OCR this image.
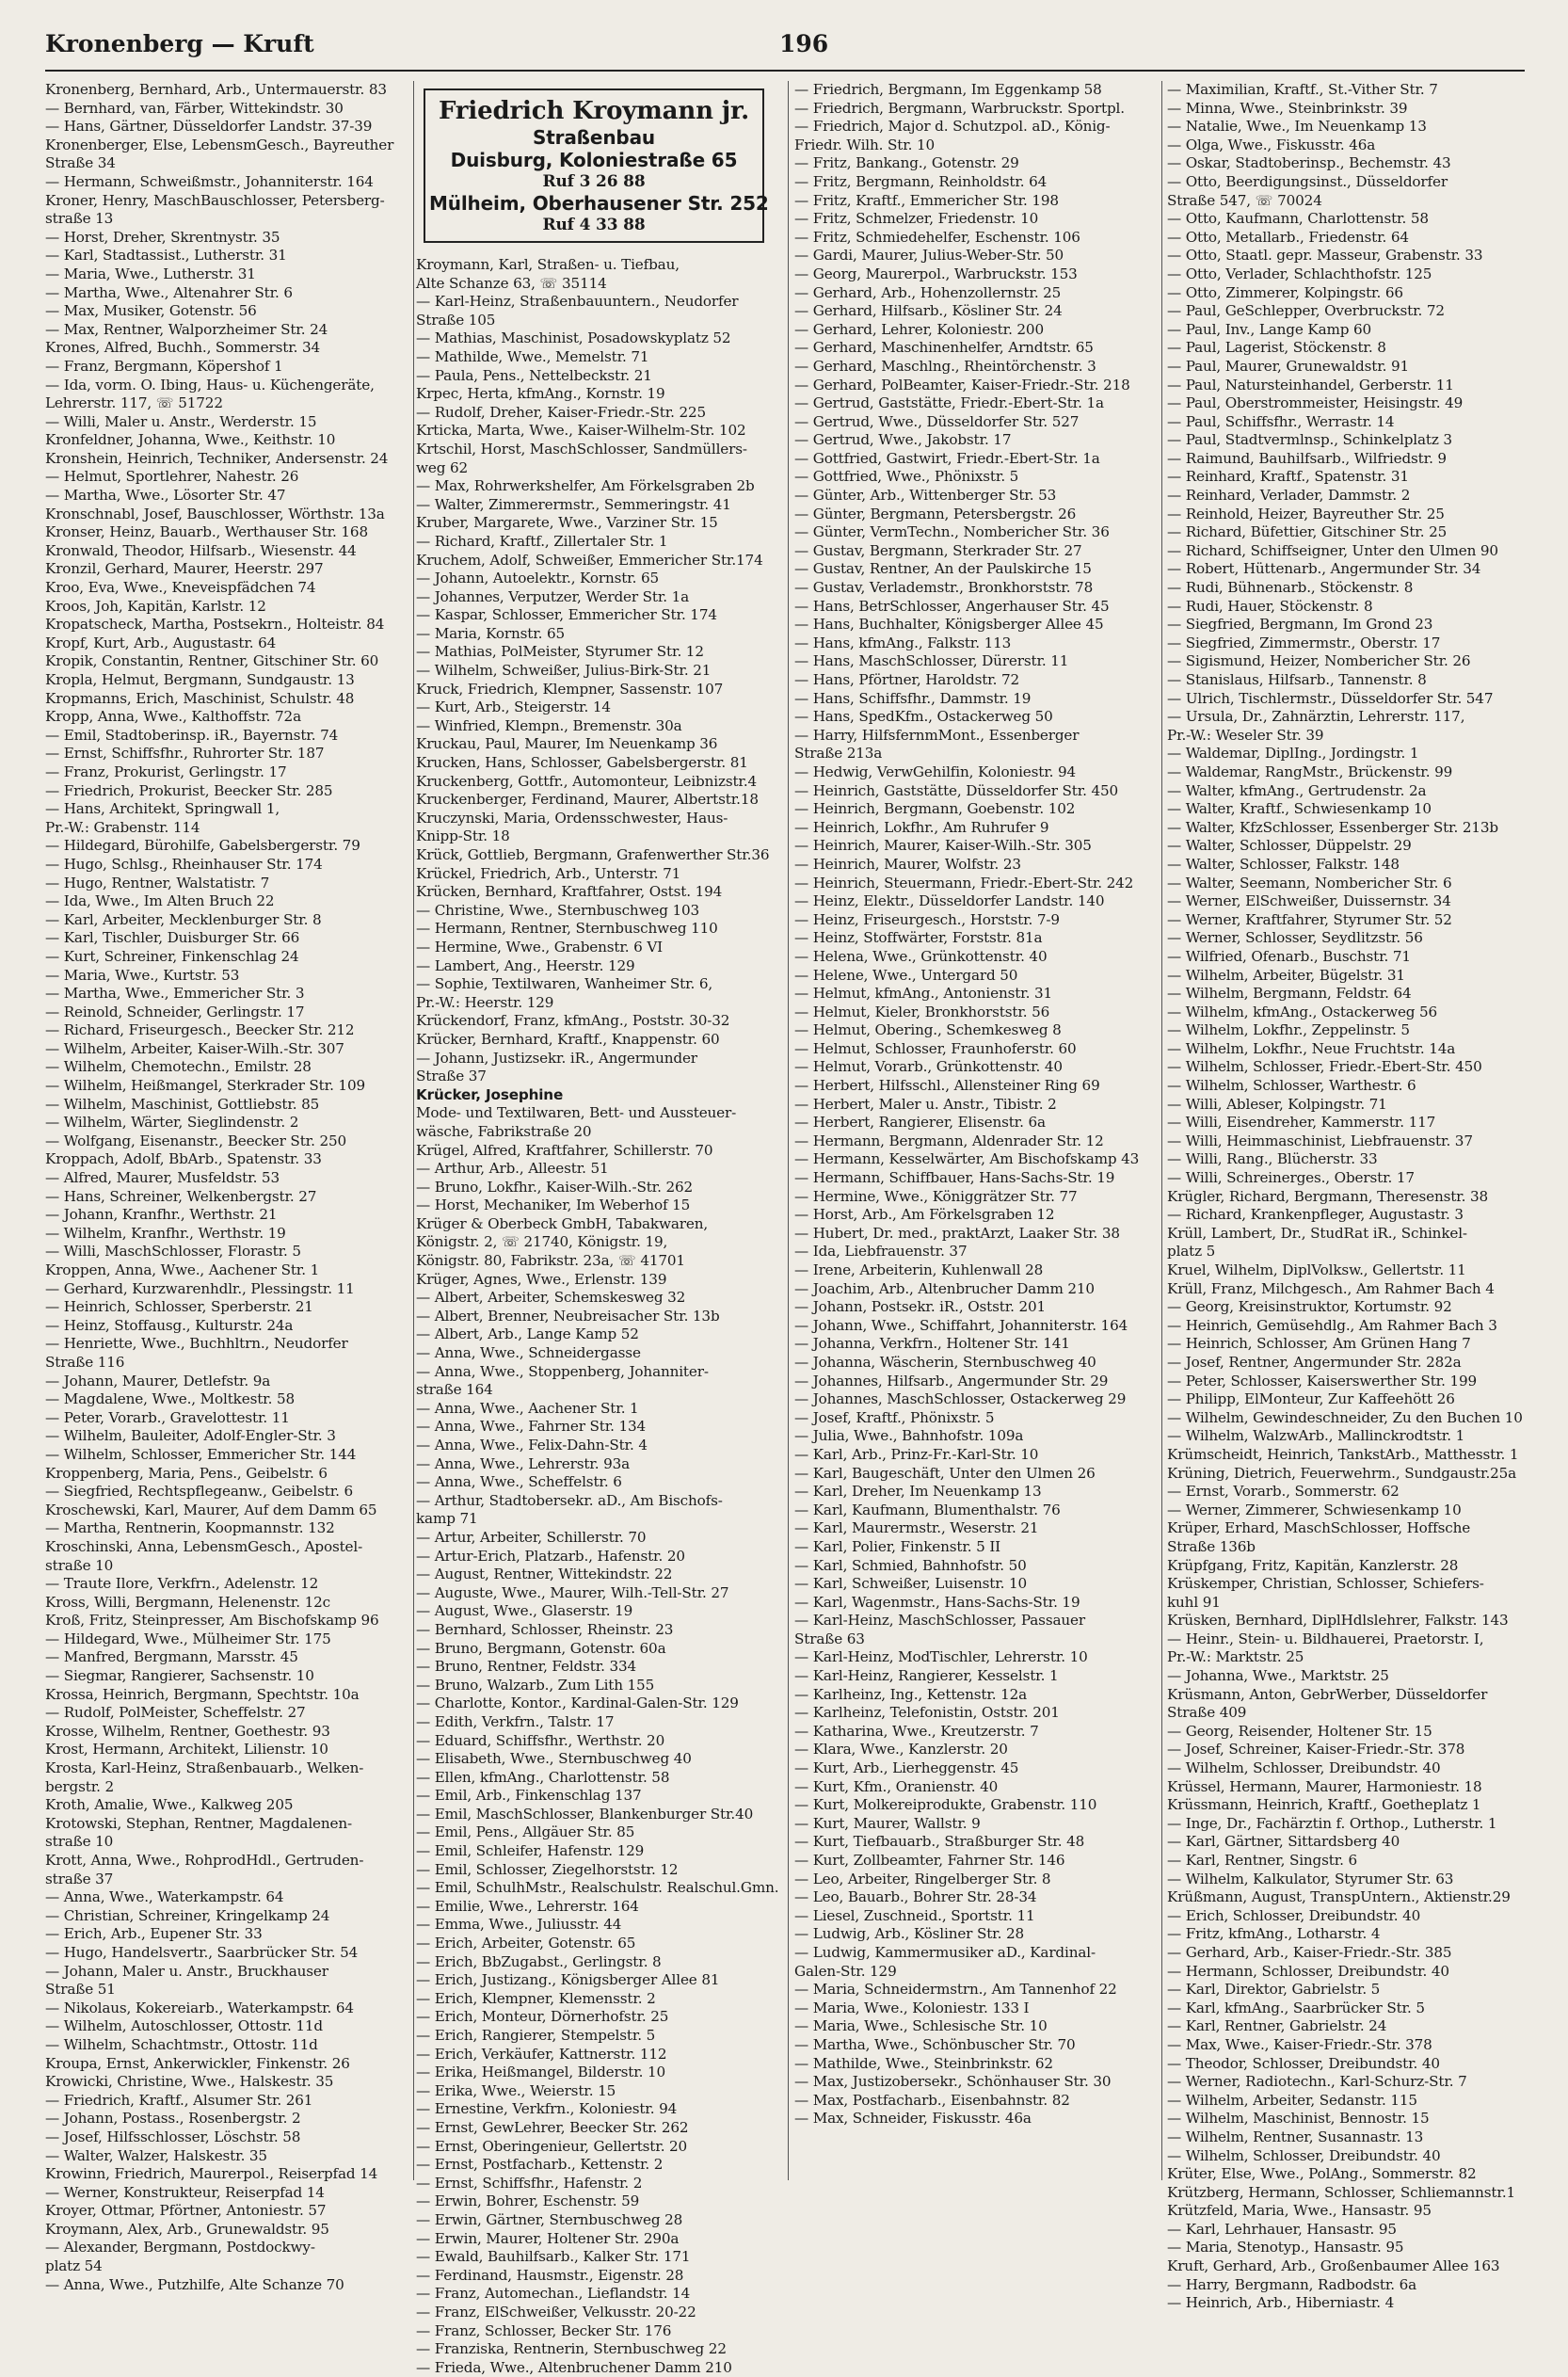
Kronenberg — Kruft	196
Kronenberg, Bernhard, Arb., Untermauerstr. 83
— Bernhard, van, Färber, Wittekindstr. 30
— Hans, Gärtner, Düsseldorfer Landstr. 37-39
Kronenberger, Else, LebensmGesch., Bayreuther
Straße 34
— Hermann, Schweißmstr., Johanniterstr. 164
Kroner, Henry, MaschBauschlosser, Petersberg-
straße 13
— Horst, Dreher, Skrentnystr. 35
— Karl, Stadtassist., Lutherstr. 31
— Maria, Wwe., Lutherstr. 31
— Martha, Wwe., Altenahrer Str. 6
— Max, Musiker, Gotenstr. 56
— Max, Rentner, Walporzheimer Str. 24
Krones, Alfred, Buchh., Sommerstr. 34
— Franz, Bergmann, Köpershof 1
— Ida, vorm. O. Ibing, Haus- u. Küchengeräte,
Lehrerstr. 117, ☏ 51722
— Willi, Maler u. Anstr., Werderstr. 15
Kronfeldner, Johanna, Wwe., Keithstr. 10
Kronshein, Heinrich, Techniker, Andersenstr. 24
— Helmut, Sportlehrer, Nahestr. 26
— Martha, Wwe., Lösorter Str. 47
Kronschnabl, Josef, Bauschlosser, Wörthstr. 13a
Kronser, Heinz, Bauarb., Werthauser Str. 168
Kronwald, Theodor, Hilfsarb., Wiesenstr. 44
Kronzil, Gerhard, Maurer, Heerstr. 297
Kroo, Eva, Wwe., Kneveispfädchen 74
Kroos, Joh, Kapitän, Karlstr. 12
Kropatscheck, Martha, Postsekrn., Holteistr. 84
Kropf, Kurt, Arb., Augustastr. 64
Kropik, Constantin, Rentner, Gitschiner Str. 60
Kropla, Helmut, Bergmann, Sundgaustr. 13
Kropmanns, Erich, Maschinist, Schulstr. 48
Kropp, Anna, Wwe., Kalthoffstr. 72a
— Emil, Stadtoberinsp. iR., Bayernstr. 74
— Ernst, Schiffsfhr., Ruhrorter Str. 187
— Franz, Prokurist, Gerlingstr. 17
— Friedrich, Prokurist, Beecker Str. 285
— Hans, Architekt, Springwall 1,
Pr.-W.: Grabenstr. 114
— Hildegard, Bürohilfe, Gabelsbergerstr. 79
— Hugo, Schlsg., Rheinhauser Str. 174
— Hugo, Rentner, Walstatistr. 7
— Ida, Wwe., Im Alten Bruch 22
— Karl, Arbeiter, Mecklenburger Str. 8
— Karl, Tischler, Duisburger Str. 66
— Kurt, Schreiner, Finkenschlag 24
— Maria, Wwe., Kurtstr. 53
— Martha, Wwe., Emmericher Str. 3
— Reinold, Schneider, Gerlingstr. 17
— Richard, Friseurgesch., Beecker Str. 212
— Wilhelm, Arbeiter, Kaiser-Wilh.-Str. 307
— Wilhelm, Chemotechn., Emilstr. 28
— Wilhelm, Heißmangel, Sterkrader Str. 109
— Wilhelm, Maschinist, Gottliebstr. 85
— Wilhelm, Wärter, Sieglindenstr. 2
— Wolfgang, Eisenanstr., Beecker Str. 250
Kroppach, Adolf, BbArb., Spatenstr. 33
— Alfred, Maurer, Musfeldstr. 53
— Hans, Schreiner, Welkenbergstr. 27
— Johann, Kranfhr., Werthstr. 21
— Wilhelm, Kranfhr., Werthstr. 19
— Willi, MaschSchlosser, Florastr. 5
Kroppen, Anna, Wwe., Aachener Str. 1
— Gerhard, Kurzwarenhdlr., Plessingstr. 11
— Heinrich, Schlosser, Sperberstr. 21
— Heinz, Stoffausg., Kulturstr. 24a
— Henriette, Wwe., Buchhltrn., Neudorfer
Straße 116
— Johann, Maurer, Detlefstr. 9a
— Magdalene, Wwe., Moltkestr. 58
— Peter, Vorarb., Gravelottestr. 11
— Wilhelm, Bauleiter, Adolf-Engler-Str. 3
— Wilhelm, Schlosser, Emmericher Str. 144
Kroppenberg, Maria, Pens., Geibelstr. 6
— Siegfried, Rechtspflegeanw., Geibelstr. 6
Kroschewski, Karl, Maurer, Auf dem Damm 65
— Martha, Rentnerin, Koopmannstr. 132
Kroschinski, Anna, LebensmGesch., Apostel-
straße 10
— Traute Ilore, Verkfrn., Adelenstr. 12
Kross, Willi, Bergmann, Helenenstr. 12c
Kroß, Fritz, Steinpresser, Am Bischofskamp 96
— Hildegard, Wwe., Mülheimer Str. 175
— Manfred, Bergmann, Marsstr. 45
— Siegmar, Rangierer, Sachsenstr. 10
Krossa, Heinrich, Bergmann, Spechtstr. 10a
— Rudolf, PolMeister, Scheffelstr. 27
Krosse, Wilhelm, Rentner, Goethestr. 93
Krost, Hermann, Architekt, Lilienstr. 10
Krosta, Karl-Heinz, Straßenbauarb., Welken-
bergstr. 2
Kroth, Amalie, Wwe., Kalkweg 205
Krotowski, Stephan, Rentner, Magdalenen-
straße 10
Krott, Anna, Wwe., RohprodHdl., Gertruden-
straße 37
— Anna, Wwe., Waterkampstr. 64
— Christian, Schreiner, Kringelkamp 24
— Erich, Arb., Eupener Str. 33
— Hugo, Handelsvertr., Saarbrücker Str. 54
— Johann, Maler u. Anstr., Bruckhauser
Straße 51
— Nikolaus, Kokereiarb., Waterkampstr. 64
— Wilhelm, Autoschlosser, Ottostr. 11d
— Wilhelm, Schachtmstr., Ottostr. 11d
Kroupa, Ernst, Ankerwickler, Finkenstr. 26
Krowicki, Christine, Wwe., Halskestr. 35
— Friedrich, Kraftf., Alsumer Str. 261
— Johann, Postass., Rosenbergstr. 2
— Josef, Hilfsschlosser, Löschstr. 58
— Walter, Walzer, Halskestr. 35
Krowinn, Friedrich, Maurerpol., Reiserpfad 14
— Werner, Konstrukteur, Reiserpfad 14
Kroyer, Ottmar, Pförtner, Antoniestr. 57
Kroymann, Alex, Arb., Grunewaldstr. 95
— Alexander, Bergmann, Postdockwy-
platz 54
— Anna, Wwe., Putzhilfe, Alte Schanze 70
Friedrich Kroymann jr.
Straßenbau
Duisburg, Koloniestraße 65
Ruf 3 26 88
Mülheim, Oberhausener Str. 252
Ruf 4 33 88
Kroymann, Karl, Straßen- u. Tiefbau,
Alte Schanze 63, ☏ 35114
— Karl-Heinz, Straßenbauuntern., Neudorfer
Straße 105
— Mathias, Maschinist, Posadowskyplatz 52
— Mathilde, Wwe., Memelstr. 71
— Paula, Pens., Nettelbeckstr. 21
Krpec, Herta, kfmAng., Kornstr. 19
— Rudolf, Dreher, Kaiser-Friedr.-Str. 225
Krticka, Marta, Wwe., Kaiser-Wilhelm-Str. 102
Krtschil, Horst, MaschSchlosser, Sandmüllers-
weg 62
— Max, Rohrwerkshelfer, Am Förkelsgraben 2b
— Walter, Zimmerermstr., Semmeringstr. 41
Kruber, Margarete, Wwe., Varziner Str. 15
— Richard, Kraftf., Zillertaler Str. 1
Kruchem, Adolf, Schweißer, Emmericher Str.174
— Johann, Autoelektr., Kornstr. 65
— Johannes, Verputzer, Werder Str. 1a
— Kaspar, Schlosser, Emmericher Str. 174
— Maria, Kornstr. 65
— Mathias, PolMeister, Styrumer Str. 12
— Wilhelm, Schweißer, Julius-Birk-Str. 21
Kruck, Friedrich, Klempner, Sassenstr. 107
— Kurt, Arb., Steigerstr. 14
— Winfried, Klempn., Bremenstr. 30a
Kruckau, Paul, Maurer, Im Neuenkamp 36
Krucken, Hans, Schlosser, Gabelsbergerstr. 81
Kruckenberg, Gottfr., Automonteur, Leibnizstr.4
Kruckenberger, Ferdinand, Maurer, Albertstr.18
Kruczynski, Maria, Ordensschwester, Haus-
Knipp-Str. 18
Krück, Gottlieb, Bergmann, Grafenwerther Str.36
Krückel, Friedrich, Arb., Unterstr. 71
Krücken, Bernhard, Kraftfahrer, Ostst. 194
— Christine, Wwe., Sternbuschweg 103
— Hermann, Rentner, Sternbuschweg 110
— Hermine, Wwe., Grabenstr. 6 VI
— Lambert, Ang., Heerstr. 129
— Sophie, Textilwaren, Wanheimer Str. 6,
Pr.-W.: Heerstr. 129
Krückendorf, Franz, kfmAng., Poststr. 30-32
Krücker, Bernhard, Kraftf., Knappenstr. 60
— Johann, Justizsekr. iR., Angermunder
Straße 37
Krücker, Josephine
Mode- und Textilwaren, Bett- und Aussteuer-
wäsche, Fabrikstraße 20
Krügel, Alfred, Kraftfahrer, Schillerstr. 70
— Arthur, Arb., Alleestr. 51
— Bruno, Lokfhr., Kaiser-Wilh.-Str. 262
— Horst, Mechaniker, Im Weberhof 15
Krüger & Oberbeck GmbH, Tabakwaren,
Königstr. 2, ☏ 21740, Königstr. 19,
Königstr. 80, Fabrikstr. 23a, ☏ 41701
Krüger, Agnes, Wwe., Erlenstr. 139
— Albert, Arbeiter, Schemskesweg 32
— Albert, Brenner, Neubreisacher Str. 13b
— Albert, Arb., Lange Kamp 52
— Anna, Wwe., Schneidergasse
— Anna, Wwe., Stoppenberg, Johanniter-
straße 164
— Anna, Wwe., Aachener Str. 1
— Anna, Wwe., Fahrner Str. 134
— Anna, Wwe., Felix-Dahn-Str. 4
— Anna, Wwe., Lehrerstr. 93a
— Anna, Wwe., Scheffelstr. 6
— Arthur, Stadtobersekr. aD., Am Bischofs-
kamp 71
— Artur, Arbeiter, Schillerstr. 70
— Artur-Erich, Platzarb., Hafenstr. 20
— August, Rentner, Wittekindstr. 22
— Auguste, Wwe., Maurer, Wilh.-Tell-Str. 27
— August, Wwe., Glaserstr. 19
— Bernhard, Schlosser, Rheinstr. 23
— Bruno, Bergmann, Gotenstr. 60a
— Bruno, Rentner, Feldstr. 334
— Bruno, Walzarb., Zum Lith 155
— Charlotte, Kontor., Kardinal-Galen-Str. 129
— Edith, Verkfrn., Talstr. 17
— Eduard, Schiffsfhr., Werthstr. 20
— Elisabeth, Wwe., Sternbuschweg 40
— Ellen, kfmAng., Charlottenstr. 58
— Emil, Arb., Finkenschlag 137
— Emil, MaschSchlosser, Blankenburger Str.40
— Emil, Pens., Allgäuer Str. 85
— Emil, Schleifer, Hafenstr. 129
— Emil, Schlosser, Ziegelhorststr. 12
— Emil, SchulhMstr., Realschulstr. Realschul.Gmn.
— Emilie, Wwe., Lehrerstr. 164
— Emma, Wwe., Juliusstr. 44
— Erich, Arbeiter, Gotenstr. 65
— Erich, BbZugabst., Gerlingstr. 8
— Erich, Justizang., Königsberger Allee 81
— Erich, Klempner, Klemensstr. 2
— Erich, Monteur, Dörnerhofstr. 25
— Erich, Rangierer, Stempelstr. 5
— Erich, Verkäufer, Kattnerstr. 112
— Erika, Heißmangel, Bilderstr. 10
— Erika, Wwe., Weierstr. 15
— Ernestine, Verkfrn., Koloniestr. 94
— Ernst, GewLehrer, Beecker Str. 262
— Ernst, Oberingenieur, Gellertstr. 20
— Ernst, Postfacharb., Kettenstr. 2
— Ernst, Schiffsfhr., Hafenstr. 2
— Erwin, Bohrer, Eschenstr. 59
— Erwin, Gärtner, Sternbuschweg 28
— Erwin, Maurer, Holtener Str. 290a
— Ewald, Bauhilfsarb., Kalker Str. 171
— Ferdinand, Hausmstr., Eigenstr. 28
— Franz, Automechan., Lieflandstr. 14
— Franz, ElSchweißer, Velkusstr. 20-22
— Franz, Schlosser, Becker Str. 176
— Franziska, Rentnerin, Sternbuschweg 22
— Frieda, Wwe., Altenbruchener Damm 210
— Friedrich, Bergmann, Im Eggenkamp 58
— Friedrich, Bergmann, Warbruckstr. Sportpl.
— Friedrich, Major d. Schutzpol. aD., König-
Friedr. Wilh. Str. 10
— Fritz, Bankang., Gotenstr. 29
— Fritz, Bergmann, Reinholdstr. 64
— Fritz, Kraftf., Emmericher Str. 198
— Fritz, Schmelzer, Friedenstr. 10
— Fritz, Schmiedehelfer, Eschenstr. 106
— Gardi, Maurer, Julius-Weber-Str. 50
— Georg, Maurerpol., Warbruckstr. 153
— Gerhard, Arb., Hohenzollernstr. 25
— Gerhard, Hilfsarb., Kösliner Str. 24
— Gerhard, Lehrer, Koloniestr. 200
— Gerhard, Maschinenhelfer, Arndtstr. 65
— Gerhard, Maschlng., Rheintörchenstr. 3
— Gerhard, PolBeamter, Kaiser-Friedr.-Str. 218
— Gertrud, Gaststätte, Friedr.-Ebert-Str. 1a
— Gertrud, Wwe., Düsseldorfer Str. 527
— Gertrud, Wwe., Jakobstr. 17
— Gottfried, Gastwirt, Friedr.-Ebert-Str. 1a
— Gottfried, Wwe., Phönixstr. 5
— Günter, Arb., Wittenberger Str. 53
— Günter, Bergmann, Petersbergstr. 26
— Günter, VermTechn., Nombericher Str. 36
— Gustav, Bergmann, Sterkrader Str. 27
— Gustav, Rentner, An der Paulskirche 15
— Gustav, Verlademstr., Bronkhorststr. 78
— Hans, BetrSchlosser, Angerhauser Str. 45
— Hans, Buchhalter, Königsberger Allee 45
— Hans, kfmAng., Falkstr. 113
— Hans, MaschSchlosser, Dürerstr. 11
— Hans, Pförtner, Haroldstr. 72
— Hans, Schiffsfhr., Dammstr. 19
— Hans, SpedKfm., Ostackerweg 50
— Harry, HilfsfernmMont., Essenberger
Straße 213a
— Hedwig, VerwGehilfin, Koloniestr. 94
— Heinrich, Gaststätte, Düsseldorfer Str. 450
— Heinrich, Bergmann, Goebenstr. 102
— Heinrich, Lokfhr., Am Ruhrufer 9
— Heinrich, Maurer, Kaiser-Wilh.-Str. 305
— Heinrich, Maurer, Wolfstr. 23
— Heinrich, Steuermann, Friedr.-Ebert-Str. 242
— Heinz, Elektr., Düsseldorfer Landstr. 140
— Heinz, Friseurgesch., Horststr. 7-9
— Heinz, Stoffwärter, Forststr. 81a
— Helena, Wwe., Grünkottenstr. 40
— Helene, Wwe., Untergard 50
— Helmut, kfmAng., Antonienstr. 31
— Helmut, Kieler, Bronkhorststr. 56
— Helmut, Obering., Schemkesweg 8
— Helmut, Schlosser, Fraunhoferstr. 60
— Helmut, Vorarb., Grünkottenstr. 40
— Herbert, Hilfsschl., Allensteiner Ring 69
— Herbert, Maler u. Anstr., Tibistr. 2
— Herbert, Rangierer, Elisenstr. 6a
— Hermann, Bergmann, Aldenrader Str. 12
— Hermann, Kesselwärter, Am Bischofskamp 43
— Hermann, Schiffbauer, Hans-Sachs-Str. 19
— Hermine, Wwe., Königgrätzer Str. 77
— Horst, Arb., Am Förkelsgraben 12
— Hubert, Dr. med., praktArzt, Laaker Str. 38
— Ida, Liebfrauenstr. 37
— Irene, Arbeiterin, Kuhlenwall 28
— Joachim, Arb., Altenbrucher Damm 210
— Johann, Postsekr. iR., Oststr. 201
— Johann, Wwe., Schiffahrt, Johanniterstr. 164
— Johanna, Verkfrn., Holtener Str. 141
— Johanna, Wäscherin, Sternbuschweg 40
— Johannes, Hilfsarb., Angermunder Str. 29
— Johannes, MaschSchlosser, Ostackerweg 29
— Josef, Kraftf., Phönixstr. 5
— Julia, Wwe., Bahnhofstr. 109a
— Karl, Arb., Prinz-Fr.-Karl-Str. 10
— Karl, Baugeschäft, Unter den Ulmen 26
— Karl, Dreher, Im Neuenkamp 13
— Karl, Kaufmann, Blumenthalstr. 76
— Karl, Maurermstr., Weserstr. 21
— Karl, Polier, Finkenstr. 5 II
— Karl, Schmied, Bahnhofstr. 50
— Karl, Schweißer, Luisenstr. 10
— Karl, Wagenmstr., Hans-Sachs-Str. 19
— Karl-Heinz, MaschSchlosser, Passauer
Straße 63
— Karl-Heinz, ModTischler, Lehrerstr. 10
— Karl-Heinz, Rangierer, Kesselstr. 1
— Karlheinz, Ing., Kettenstr. 12a
— Karlheinz, Telefonistin, Oststr. 201
— Katharina, Wwe., Kreutzerstr. 7
— Klara, Wwe., Kanzlerstr. 20
— Kurt, Arb., Lierheggenstr. 45
— Kurt, Kfm., Oranienstr. 40
— Kurt, Molkereiprodukte, Grabenstr. 110
— Kurt, Maurer, Wallstr. 9
— Kurt, Tiefbauarb., Straßburger Str. 48
— Kurt, Zollbeamter, Fahrner Str. 146
— Leo, Arbeiter, Ringelberger Str. 8
— Leo, Bauarb., Bohrer Str. 28-34
— Liesel, Zuschneid., Sportstr. 11
— Ludwig, Arb., Kösliner Str. 28
— Ludwig, Kammermusiker aD., Kardinal-
Galen-Str. 129
— Maria, Schneidermstrn., Am Tannenhof 22
— Maria, Wwe., Koloniestr. 133 I
— Maria, Wwe., Schlesische Str. 10
— Martha, Wwe., Schönbuscher Str. 70
— Mathilde, Wwe., Steinbrinkstr. 62
— Max, Justizobersekr., Schönhauser Str. 30
— Max, Postfacharb., Eisenbahnstr. 82
— Max, Schneider, Fiskusstr. 46a
— Maximilian, Kraftf., St.-Vither Str. 7
— Minna, Wwe., Steinbrinkstr. 39
— Natalie, Wwe., Im Neuenkamp 13
— Olga, Wwe., Fiskusstr. 46a
— Oskar, Stadtoberinsp., Bechemstr. 43
— Otto, Beerdigungsinst., Düsseldorfer
Straße 547, ☏ 70024
— Otto, Kaufmann, Charlottenstr. 58
— Otto, Metallarb., Friedenstr. 64
— Otto, Staatl. gepr. Masseur, Grabenstr. 33
— Otto, Verlader, Schlachthofstr. 125
— Otto, Zimmerer, Kolpingstr. 66
— Paul, GeSchlepper, Overbruckstr. 72
— Paul, Inv., Lange Kamp 60
— Paul, Lagerist, Stöckenstr. 8
— Paul, Maurer, Grunewaldstr. 91
— Paul, Natursteinhandel, Gerberstr. 11
— Paul, Oberstrommeister, Heisingstr. 49
— Paul, Schiffsfhr., Werrastr. 14
— Paul, Stadtvermlnsp., Schinkelplatz 3
— Raimund, Bauhilfsarb., Wilfriedstr. 9
— Reinhard, Kraftf., Spatenstr. 31
— Reinhard, Verlader, Dammstr. 2
— Reinhold, Heizer, Bayreuther Str. 25
— Richard, Büfettier, Gitschiner Str. 25
— Richard, Schiffseigner, Unter den Ulmen 90
— Robert, Hüttenarb., Angermunder Str. 34
— Rudi, Bühnenarb., Stöckenstr. 8
— Rudi, Hauer, Stöckenstr. 8
— Siegfried, Bergmann, Im Grond 23
— Siegfried, Zimmermstr., Oberstr. 17
— Sigismund, Heizer, Nombericher Str. 26
— Stanislaus, Hilfsarb., Tannenstr. 8
— Ulrich, Tischlermstr., Düsseldorfer Str. 547
— Ursula, Dr., Zahnärztin, Lehrerstr. 117,
Pr.-W.: Weseler Str. 39
— Waldemar, DiplIng., Jordingstr. 1
— Waldemar, RangMstr., Brückenstr. 99
— Walter, kfmAng., Gertrudenstr. 2a
— Walter, Kraftf., Schwiesenkamp 10
— Walter, KfzSchlosser, Essenberger Str. 213b
— Walter, Schlosser, Düppelstr. 29
— Walter, Schlosser, Falkstr. 148
— Walter, Seemann, Nombericher Str. 6
— Werner, ElSchweißer, Duissernstr. 34
— Werner, Kraftfahrer, Styrumer Str. 52
— Werner, Schlosser, Seydlitzstr. 56
— Wilfried, Ofenarb., Buschstr. 71
— Wilhelm, Arbeiter, Bügelstr. 31
— Wilhelm, Bergmann, Feldstr. 64
— Wilhelm, kfmAng., Ostackerweg 56
— Wilhelm, Lokfhr., Zeppelinstr. 5
— Wilhelm, Lokfhr., Neue Fruchtstr. 14a
— Wilhelm, Schlosser, Friedr.-Ebert-Str. 450
— Wilhelm, Schlosser, Warthestr. 6
— Willi, Ableser, Kolpingstr. 71
— Willi, Eisendreher, Kammerstr. 117
— Willi, Heimmaschinist, Liebfrauenstr. 37
— Willi, Rang., Blücherstr. 33
— Willi, Schreinerges., Oberstr. 17
Krügler, Richard, Bergmann, Theresenstr. 38
— Richard, Krankenpfleger, Augustastr. 3
Krüll, Lambert, Dr., StudRat iR., Schinkel-
platz 5
Kruel, Wilhelm, DiplVolksw., Gellertstr. 11
Krüll, Franz, Milchgesch., Am Rahmer Bach 4
— Georg, Kreisinstruktor, Kortumstr. 92
— Heinrich, Gemüsehdlg., Am Rahmer Bach 3
— Heinrich, Schlosser, Am Grünen Hang 7
— Josef, Rentner, Angermunder Str. 282a
— Peter, Schlosser, Kaiserswerther Str. 199
— Philipp, ElMonteur, Zur Kaffeehött 26
— Wilhelm, Gewindeschneider, Zu den Buchen 10
— Wilhelm, WalzwArb., Mallinckrodtstr. 1
Krümscheidt, Heinrich, TankstArb., Matthesstr. 1
Krüning, Dietrich, Feuerwehrm., Sundgaustr.25a
— Ernst, Vorarb., Sommerstr. 62
— Werner, Zimmerer, Schwiesenkamp 10
Krüper, Erhard, MaschSchlosser, Hoffsche
Straße 136b
Krüpfgang, Fritz, Kapitän, Kanzlerstr. 28
Krüskemper, Christian, Schlosser, Schiefers-
kuhl 91
Krüsken, Bernhard, DiplHdlslehrer, Falkstr. 143
— Heinr., Stein- u. Bildhauerei, Praetorstr. I,
Pr.-W.: Marktstr. 25
— Johanna, Wwe., Marktstr. 25
Krüsmann, Anton, GebrWerber, Düsseldorfer
Straße 409
— Georg, Reisender, Holtener Str. 15
— Josef, Schreiner, Kaiser-Friedr.-Str. 378
— Wilhelm, Schlosser, Dreibundstr. 40
Krüssel, Hermann, Maurer, Harmoniestr. 18
Krüssmann, Heinrich, Kraftf., Goetheplatz 1
— Inge, Dr., Fachärztin f. Orthop., Lutherstr. 1
— Karl, Gärtner, Sittardsberg 40
— Karl, Rentner, Singstr. 6
— Wilhelm, Kalkulator, Styrumer Str. 63
Krüßmann, August, TranspUntern., Aktienstr.29
— Erich, Schlosser, Dreibundstr. 40
— Fritz, kfmAng., Lotharstr. 4
— Gerhard, Arb., Kaiser-Friedr.-Str. 385
— Hermann, Schlosser, Dreibundstr. 40
— Karl, Direktor, Gabrielstr. 5
— Karl, kfmAng., Saarbrücker Str. 5
— Karl, Rentner, Gabrielstr. 24
— Max, Wwe., Kaiser-Friedr.-Str. 378
— Theodor, Schlosser, Dreibundstr. 40
— Werner, Radiotechn., Karl-Schurz-Str. 7
— Wilhelm, Arbeiter, Sedanstr. 115
— Wilhelm, Maschinist, Bennostr. 15
— Wilhelm, Rentner, Susannastr. 13
— Wilhelm, Schlosser, Dreibundstr. 40
Krüter, Else, Wwe., PolAng., Sommerstr. 82
Krützberg, Hermann, Schlosser, Schliemannstr.1
Krützfeld, Maria, Wwe., Hansastr. 95
— Karl, Lehrhauer, Hansastr. 95
— Maria, Stenotyp., Hansastr. 95
Kruft, Gerhard, Arb., Großenbaumer Allee 163
— Harry, Bergmann, Radbodstr. 6a
— Heinrich, Arb., Hiberniastr. 4
